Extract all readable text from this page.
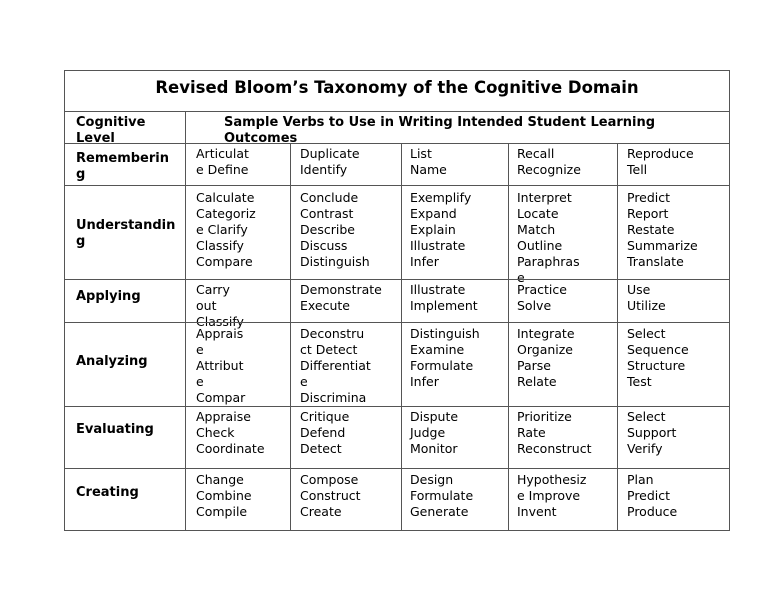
Revised Bloom’s Taxonomy of the Cognitive Domain
Cognitive Level
Sample Verbs to Use in Writing Intended Student Learning Outcomes
Rememberin
g
Articulat
e Define
Duplicate
Identify
List
Name
Recall
Recognize
Reproduce
Tell
Understandin
g
Calculate
Categoriz
e Clarify
Classify
Compare
Conclude
Contrast
Describe
Discuss
Distinguish
Exemplify
Expand
Explain
Illustrate
Infer
Interpret
Locate
Match
Outline
Paraphras
e
Predict
Report
Restate
Summarize
Translate
Applying	Carry
out
Classify
Demonstrate
Execute
Illustrate
Implement
Practice
Solve
Use
Utilize
Analyzing
Apprais
e
Attribut
e
Compar
Deconstru
ct Detect
Differentiat
e
Discrimina
Distinguish
Examine
Formulate
Infer
Integrate
Organize
Parse
Relate
Select
Sequence
Structure
Test
Evaluating
Appraise
Check
Coordinate
Critique
Defend
Detect
Dispute
Judge
Monitor
Prioritize
Rate
Reconstruct
Select
Support
Verify
Creating
Change
Combine
Compile
Compose
Construct
Create
Design
Formulate
Generate
Hypothesiz
e Improve
Invent
Plan
Predict
Produce
